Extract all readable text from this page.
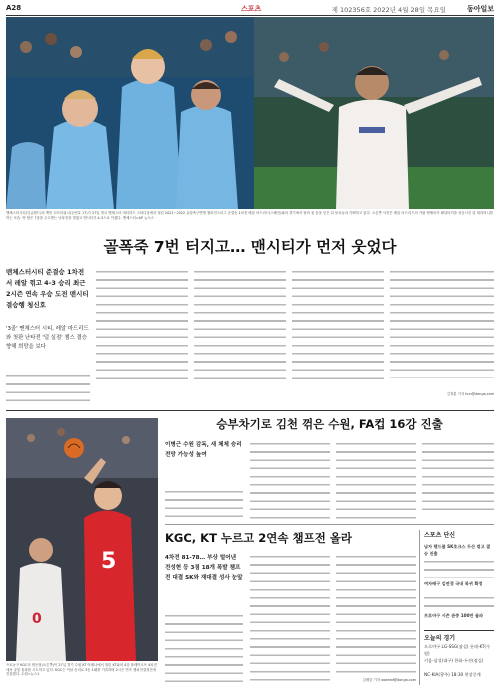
A28	스포츠	제 102356호 2022년 4월 28일 목요일	동아일보
맨체스터시티(잉글랜드)의 케빈 더브라위너(등번호 17)가 27일 영국 맨체스터 에티하드 스타디움에서 열린 2021~2022 유럽축구연맹 챔피언스리그 준결승 1차전 레알 마드리드(스페인)와의 경기에서 팀의 첫 골을 넣은 뒤 동료들과 기뻐하고 있다. 오른쪽 사진은 레알 마드리드의 카림 벤제마가 페널티킥을 성공시킨 뒤 세리머니를 하는 모습. 양 팀은 7골을 주고받는 난타전을 벌였고 맨시티가 4-3으로 이겼다. 맨체스터=AP 뉴시스
골폭죽 7번 터지고… 맨시티가 먼저 웃었다
맨체스터시티 준결승 1차전서 레알 꺾고 4-3 승리 최근 2시즌 연속 우승 도전 맨시티 결승행 청신호
'3골' 맨체스터 시티, 레알 마드리드와 첫판 난타전 '덜 실점' 챔스 결승 향해 희망을 보다
김정훈 기자 hun@donga.com
5
0
프로농구 KGC의 변준형(오른쪽)이 27일 경기 수원 KT 아레나에서 열린 KT와의 4강 플레이오프 4차전에서 골밑 돌파를 시도하고 있다. KGC는 이날 승리로 3승 1패를 기록하며 2시즌 연속 챔피언결정전에 진출했다. 수원=뉴스1
승부차기로 김천 꺾은 수원, FA컵 16강 진출
이병근 수원 감독, 새 체제 승리 전망 가능성 높여
KGC, KT 누르고 2연속 챔프전 올라
4차전 81-78… 부상 털어낸 전성현 등 3점 18개 폭발 챔프전 대결 SK와 재대결 성사 눈앞
김배중 기자 wanted@donga.com
스포츠 단신
남자 핸드볼 SK호크스 두산 꺾고 결승 진출
여자배구 김연경 국내 복귀 확정
프로야구 시즌 관중 100만 돌파
오늘의 경기
프로야구 LG-SSG(잠실) 롯데-KT(수원)
키움-삼성(대구) 한화-두산(잠실)
NC-KIA(광주) 18:30 현장중계
